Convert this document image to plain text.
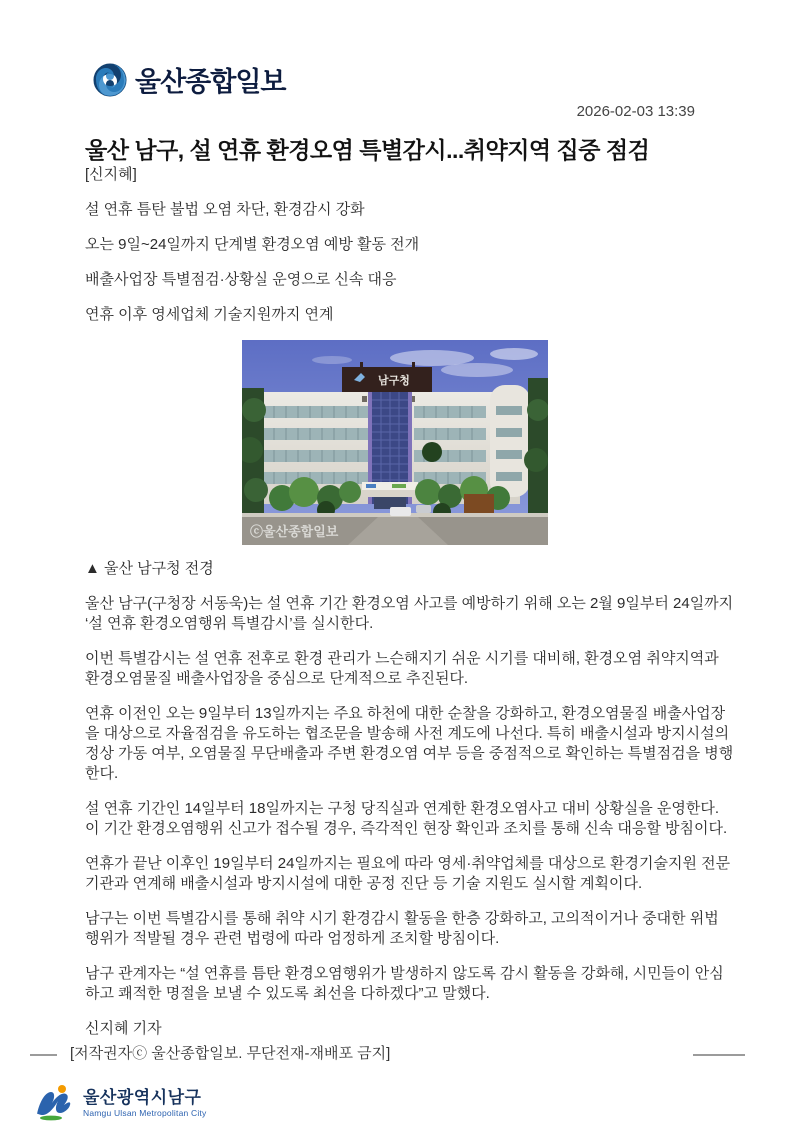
울산종합일보
2026-02-03 13:39
울산 남구, 설 연휴 환경오염 특별감시...취약지역 집중 점검

[신지혜]

설 연휴 틈탄 불법 오염 차단, 환경감시 강화

오는 9일~24일까지 단계별 환경오염 예방 활동 전개

배출사업장 특별점검·상황실 운영으로 신속 대응

연휴 이후 영세업체 기술지원까지 연계

남구청
ⓒ울산종합일보

▲ 울산 남구청 전경

울산 남구(구청장 서동욱)는 설 연휴 기간 환경오염 사고를 예방하기 위해 오는 2월 9일부터 24일까지 ‘설 연휴 환경오염행위 특별감시’를 실시한다.

이번 특별감시는 설 연휴 전후로 환경 관리가 느슨해지기 쉬운 시기를 대비해, 환경오염 취약지역과 환경오염물질 배출사업장을 중심으로 단계적으로 추진된다.

연휴 이전인 오는 9일부터 13일까지는 주요 하천에 대한 순찰을 강화하고, 환경오염물질 배출사업장을 대상으로 자율점검을 유도하는 협조문을 발송해 사전 계도에 나선다. 특히 배출시설과 방지시설의 정상 가동 여부, 오염물질 무단배출과 주변 환경오염 여부 등을 중점적으로 확인하는 특별점검을 병행한다.

설 연휴 기간인 14일부터 18일까지는 구청 당직실과 연계한 환경오염사고 대비 상황실을 운영한다. 이 기간 환경오염행위 신고가 접수될 경우, 즉각적인 현장 확인과 조치를 통해 신속 대응할 방침이다.

연휴가 끝난 이후인 19일부터 24일까지는 필요에 따라 영세·취약업체를 대상으로 환경기술지원 전문기관과 연계해 배출시설과 방지시설에 대한 공정 진단 등 기술 지원도 실시할 계획이다.

남구는 이번 특별감시를 통해 취약 시기 환경감시 활동을 한층 강화하고, 고의적이거나 중대한 위법 행위가 적발될 경우 관련 법령에 따라 엄정하게 조치할 방침이다.

남구 관계자는 “설 연휴를 틈탄 환경오염행위가 발생하지 않도록 감시 활동을 강화해, 시민들이 안심하고 쾌적한 명절을 보낼 수 있도록 최선을 다하겠다”고 말했다.

신지혜 기자

[저작권자ⓒ 울산종합일보. 무단전재-재배포 금지]

울산광역시남구
Namgu Ulsan Metropolitan City
